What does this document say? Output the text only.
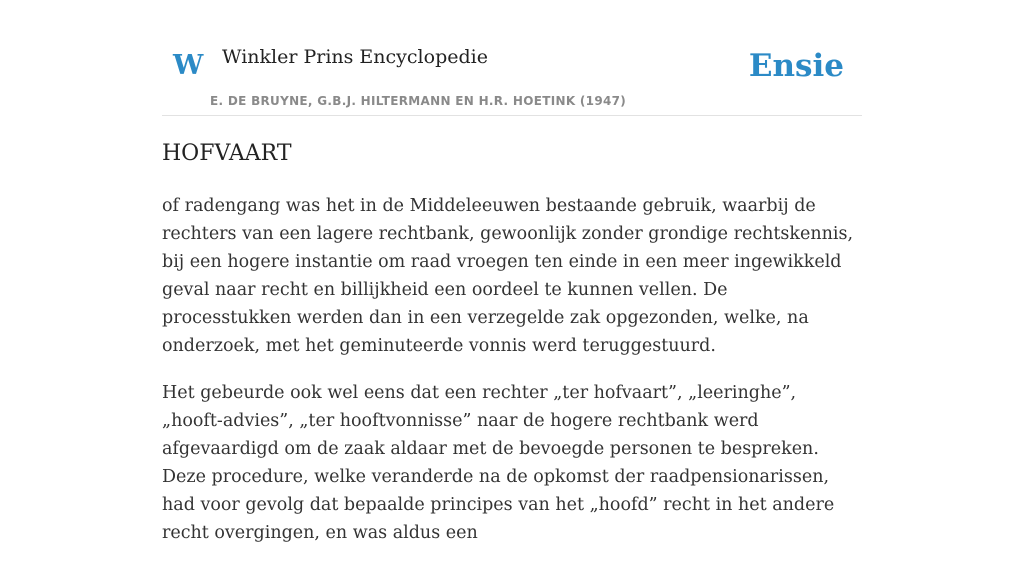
W Winkler Prins Encyclopedie
E. DE BRUYNE, G.B.J. HILTERMANN EN H.R. HOETINK (1947)
Ensie
HOFVAART

of radengang was het in de Middeleeuwen bestaande gebruik, waarbij de rechters van een lagere rechtbank, gewoonlijk zonder grondige rechtskennis, bij een hogere instantie om raad vroegen ten einde in een meer ingewikkeld geval naar recht en billijkheid een oordeel te kunnen vellen. De processtukken werden dan in een verzegelde zak opgezonden, welke, na onderzoek, met het geminuteerde vonnis werd teruggestuurd.

Het gebeurde ook wel eens dat een rechter „ter hofvaart”, „leeringhe”, „hooft-advies”, „ter hooftvonnisse” naar de hogere rechtbank werd afgevaardigd om de zaak aldaar met de bevoegde personen te bespreken. Deze procedure, welke veranderde na de opkomst der raadpensionarissen, had voor gevolg dat bepaalde principes van het „hoofd” recht in het andere recht overgingen, en was aldus een
